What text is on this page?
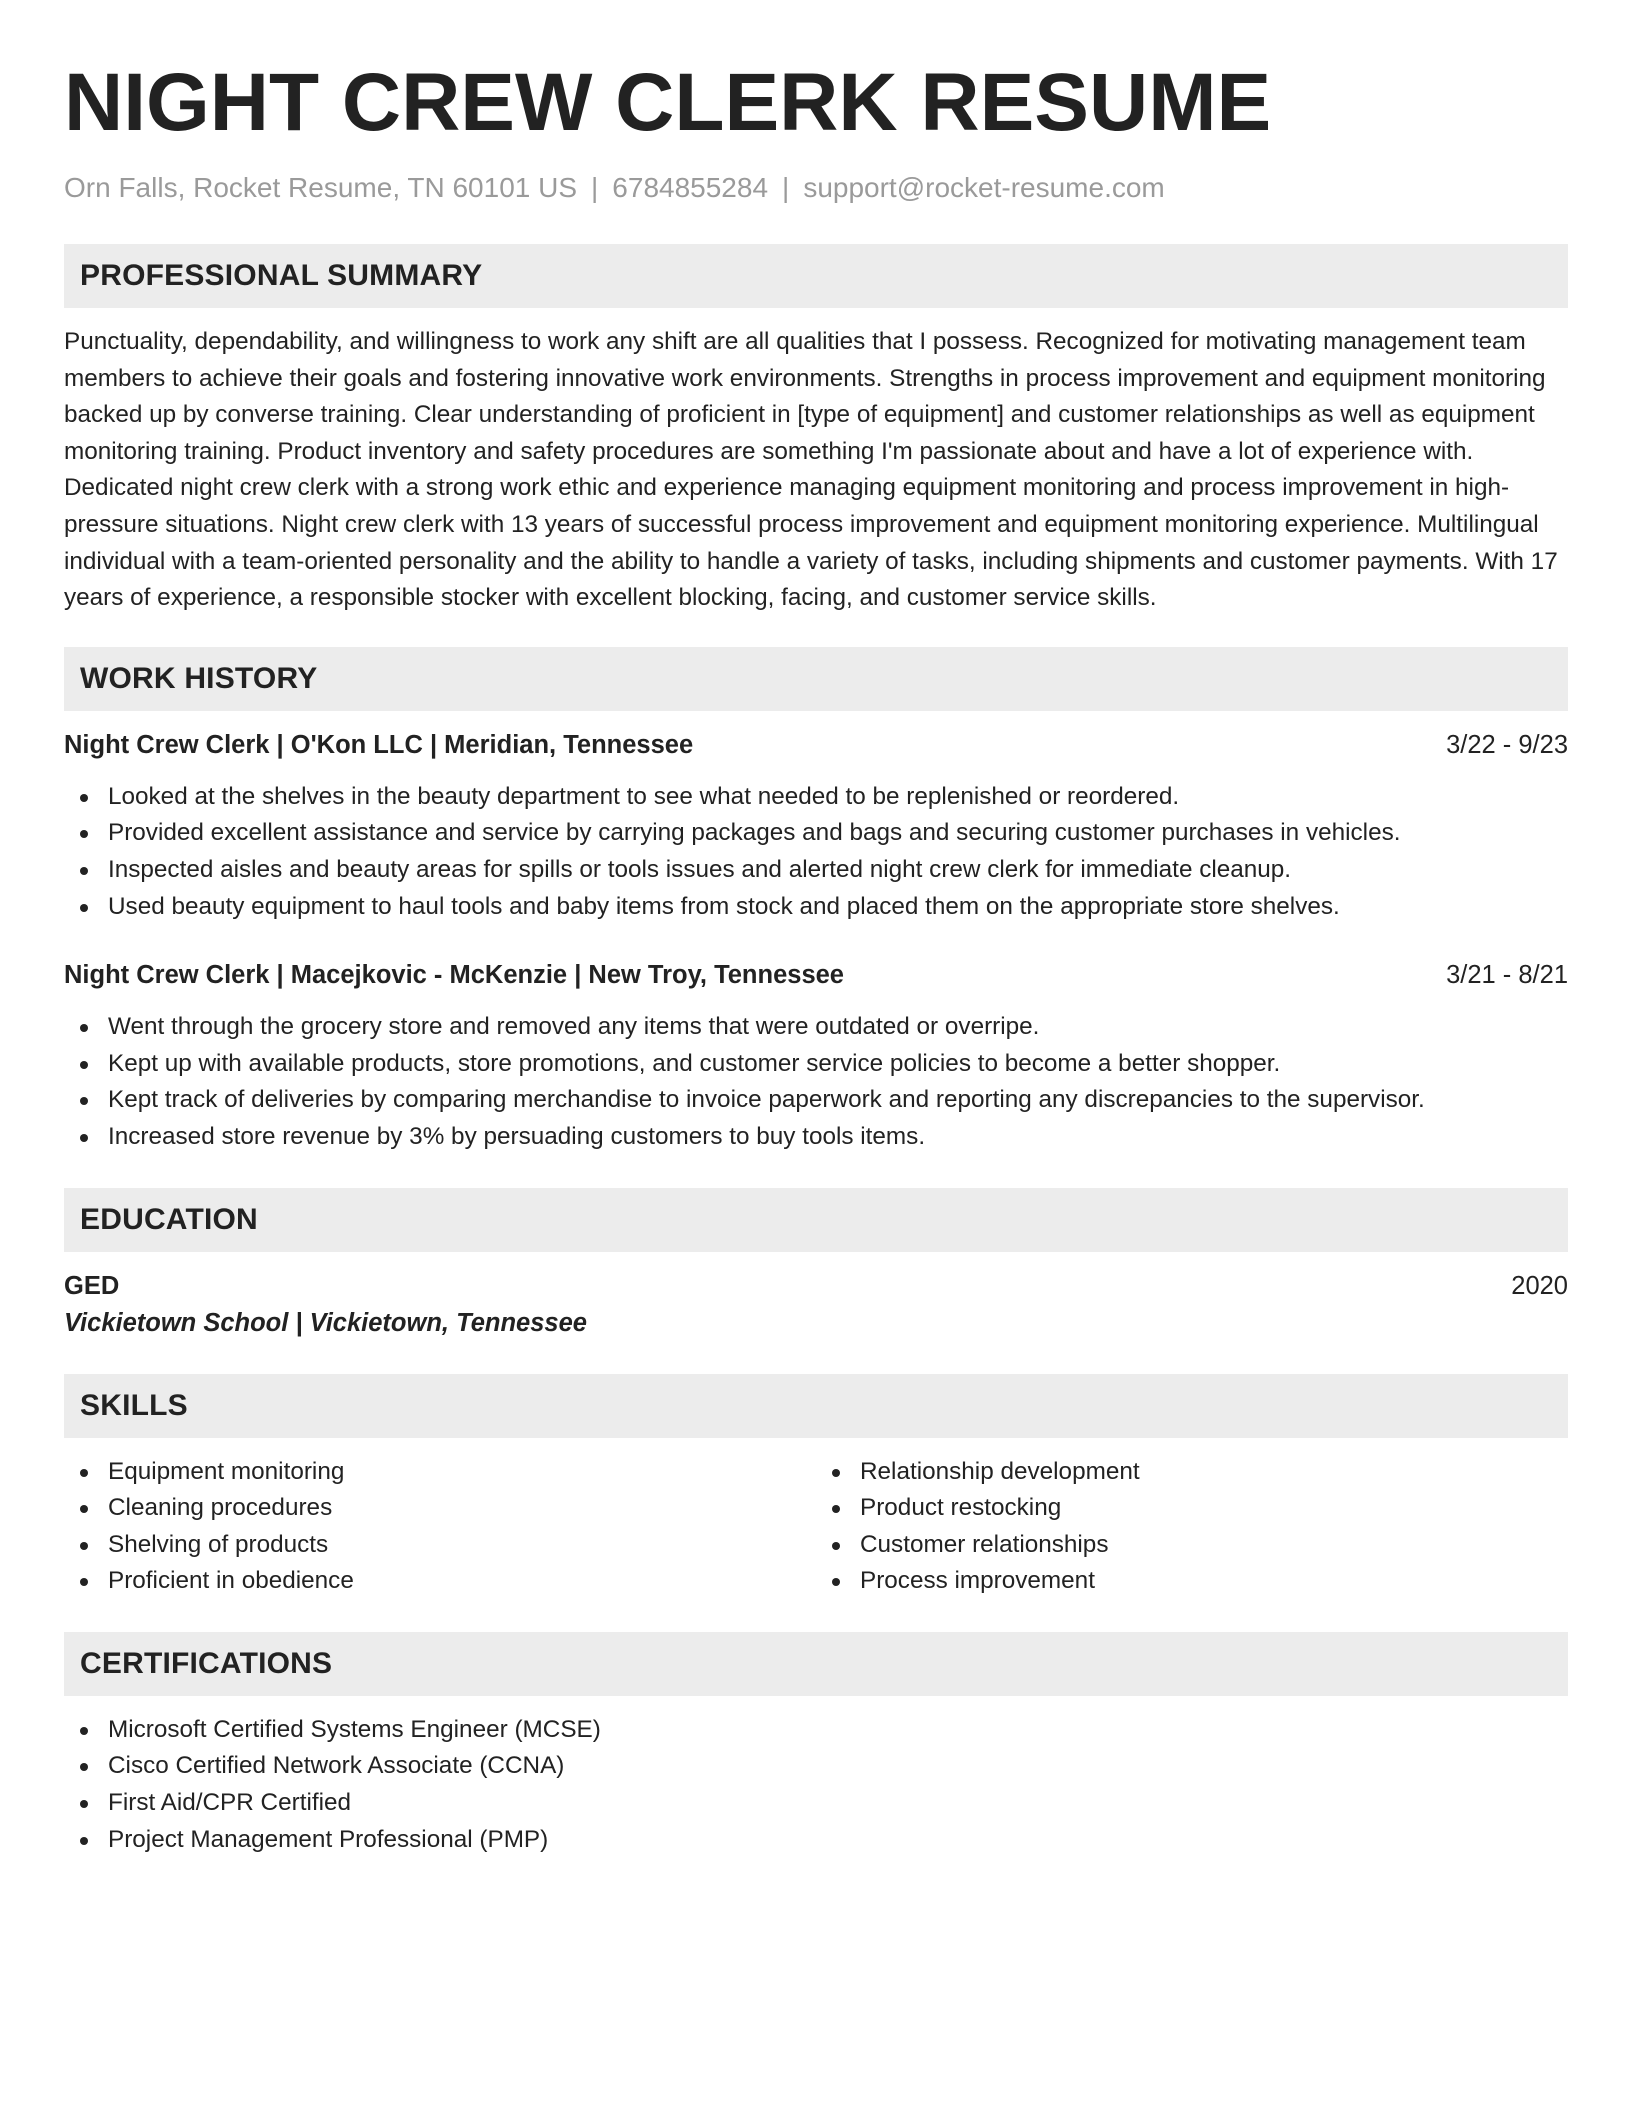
NIGHT CREW CLERK RESUME
Orn Falls, Rocket Resume, TN 60101 US | 6784855284 | support@rocket-resume.com
PROFESSIONAL SUMMARY

Punctuality, dependability, and willingness to work any shift are all qualities that I possess. Recognized for motivating management team members to achieve their goals and fostering innovative work environments. Strengths in process improvement and equipment monitoring backed up by converse training. Clear understanding of proficient in [type of equipment] and customer relationships as well as equipment monitoring training. Product inventory and safety procedures are something I'm passionate about and have a lot of experience with. Dedicated night crew clerk with a strong work ethic and experience managing equipment monitoring and process improvement in high-pressure situations. Night crew clerk with 13 years of successful process improvement and equipment monitoring experience. Multilingual individual with a team-oriented personality and the ability to handle a variety of tasks, including shipments and customer payments. With 17 years of experience, a responsible stocker with excellent blocking, facing, and customer service skills.

WORK HISTORY
Night Crew Clerk | O'Kon LLC | Meridian, Tennessee	3/22 - 9/23
Looked at the shelves in the beauty department to see what needed to be replenished or reordered.
Provided excellent assistance and service by carrying packages and bags and securing customer purchases in vehicles.
Inspected aisles and beauty areas for spills or tools issues and alerted night crew clerk for immediate cleanup.
Used beauty equipment to haul tools and baby items from stock and placed them on the appropriate store shelves.
Night Crew Clerk | Macejkovic - McKenzie | New Troy, Tennessee	3/21 - 8/21
Went through the grocery store and removed any items that were outdated or overripe.
Kept up with available products, store promotions, and customer service policies to become a better shopper.
Kept track of deliveries by comparing merchandise to invoice paperwork and reporting any discrepancies to the supervisor.
Increased store revenue by 3% by persuading customers to buy tools items.
EDUCATION
GED	2020
Vickietown School | Vickietown, Tennessee
SKILLS
Equipment monitoring
Cleaning procedures
Shelving of products
Proficient in obedience
Relationship development
Product restocking
Customer relationships
Process improvement
CERTIFICATIONS
Microsoft Certified Systems Engineer (MCSE)
Cisco Certified Network Associate (CCNA)
First Aid/CPR Certified
Project Management Professional (PMP)
